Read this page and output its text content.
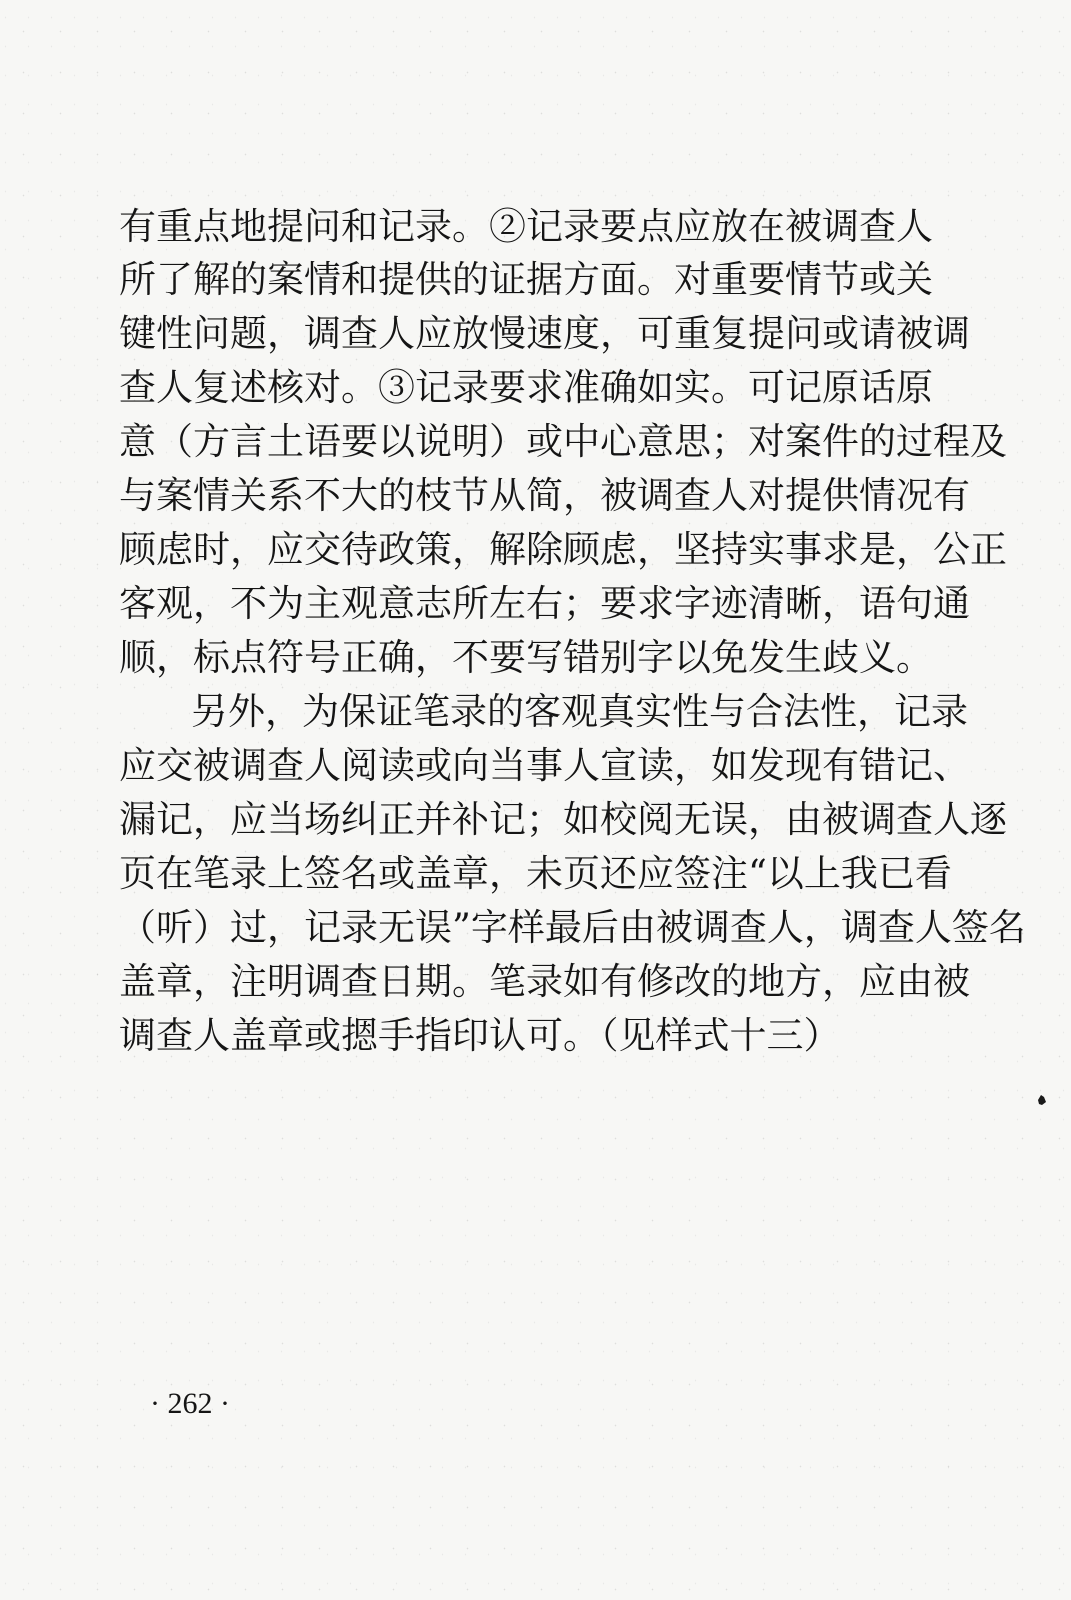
有重点地提问和记录。②记录要点应放在被调查人

所了解的案情和提供的证据方面。对重要情节或关

键性问题，调查人应放慢速度，可重复提问或请被调

查人复述核对。③记录要求准确如实。可记原话原

意（方言土语要以说明）或中心意思；对案件的过程及

与案情关系不大的枝节从简，被调查人对提供情况有

顾虑时，应交待政策，解除顾虑，坚持实事求是，公正

客观，不为主观意志所左右；要求字迹清晰，语句通

顺，标点符号正确，不要写错别字以免发生歧义。

另外，为保证笔录的客观真实性与合法性，记录

应交被调查人阅读或向当事人宣读，如发现有错记、

漏记，应当场纠正并补记；如校阅无误，由被调查人逐

页在笔录上签名或盖章，未页还应签注“以上我已看

（听）过，记录无误”字样最后由被调查人，调查人签名

盖章，注明调查日期。笔录如有修改的地方，应由被

调查人盖章或摁手指印认可。（见样式十三）

· 262 ·
